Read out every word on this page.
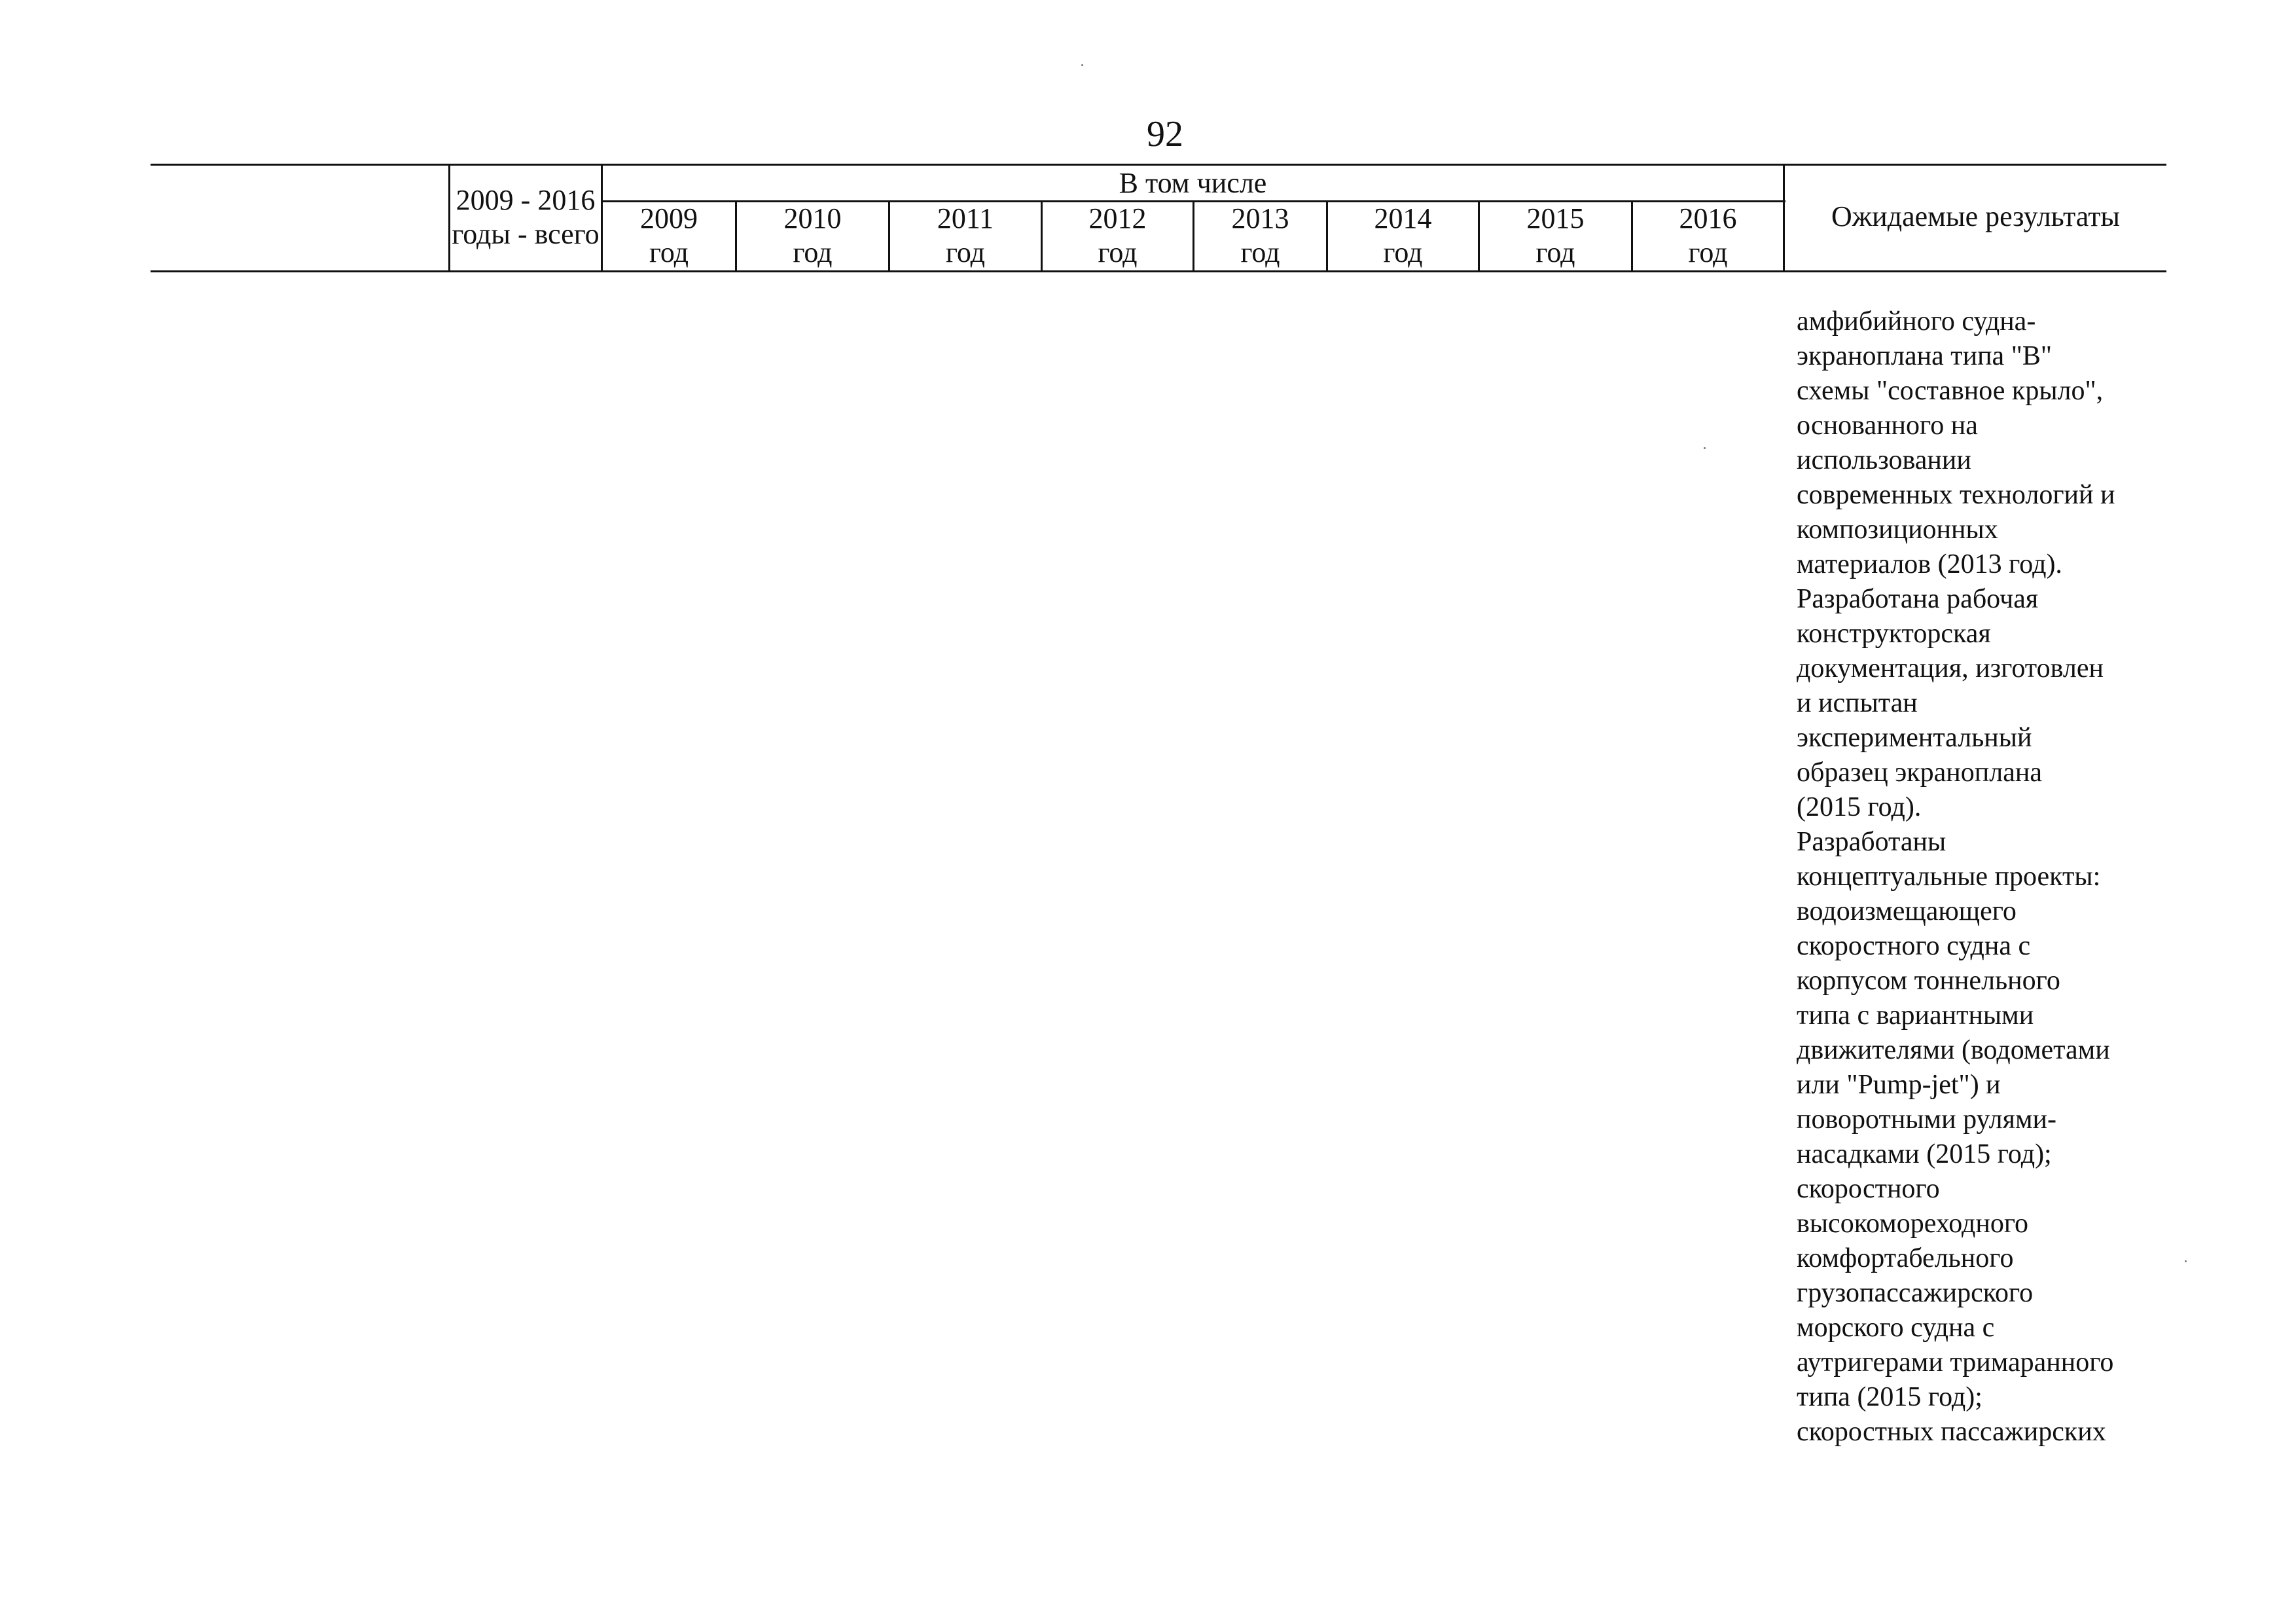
92
2009 - 2016
годы - всего
В том числе
2009
год
2010
год
2011
год
2012
год
2013
год
2014
год
2015
год
2016
год
Ожидаемые результаты
амфибийного судна-
экраноплана типа "В"
схемы "составное крыло",
основанного на
использовании
современных технологий и
композиционных
материалов (2013 год).
Разработана рабочая
конструкторская
документация, изготовлен
и испытан
экспериментальный
образец экраноплана
(2015 год).
Разработаны
концептуальные проекты:
водоизмещающего
скоростного судна с
корпусом тоннельного
типа с вариантными
движителями (водометами
или "Pump-jet") и
поворотными рулями-
насадками (2015 год);
скоростного
высокомореходного
комфортабельного
грузопассажирского
морского судна с
аутригерами тримаранного
типа (2015 год);
скоростных пассажирских
